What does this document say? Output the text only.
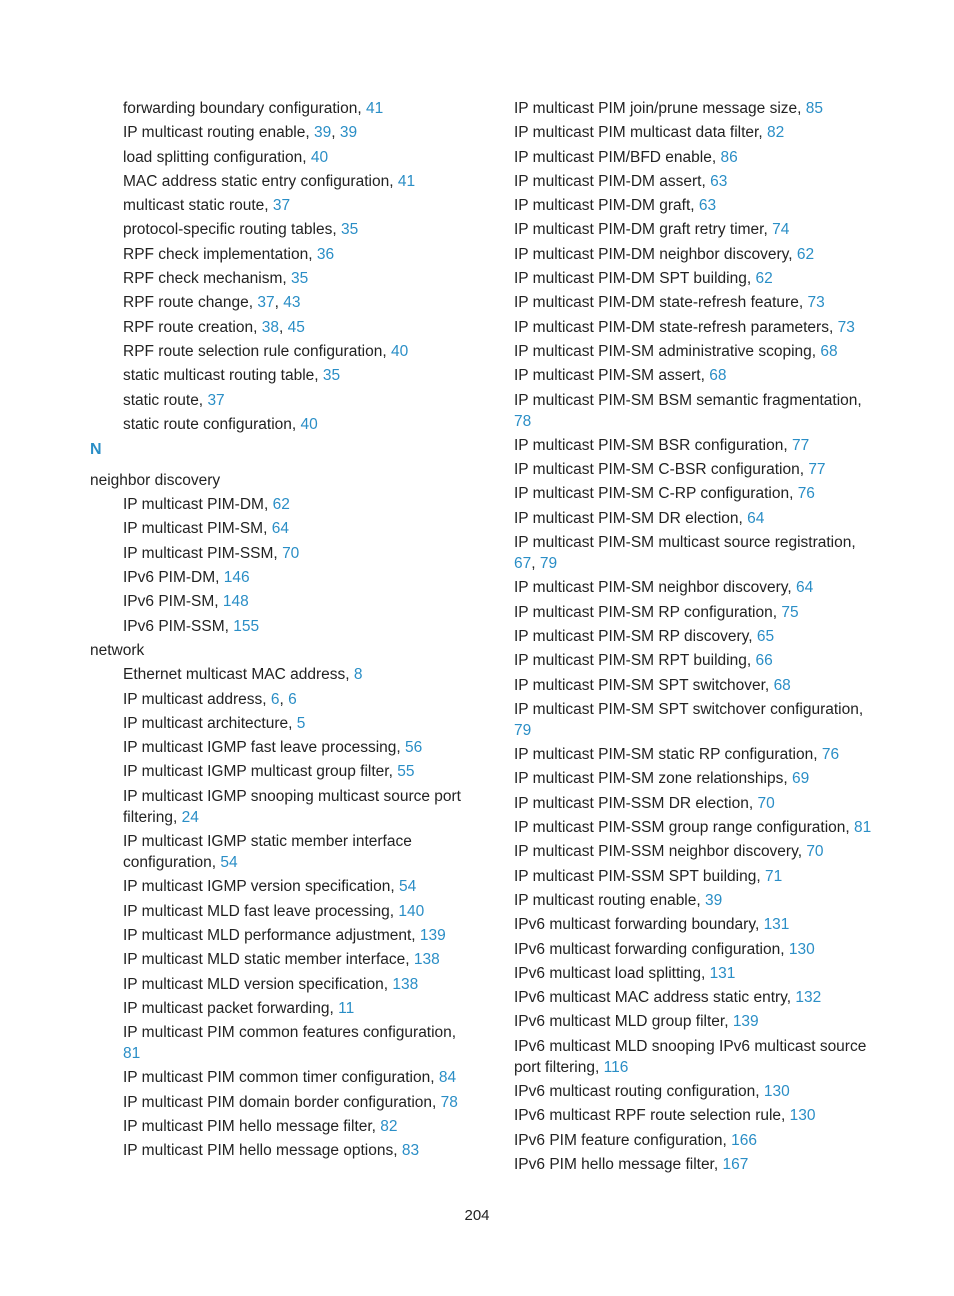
forwarding boundary configuration, 41
IP multicast routing enable, 39, 39
load splitting configuration, 40
MAC address static entry configuration, 41
multicast static route, 37
protocol-specific routing tables, 35
RPF check implementation, 36
RPF check mechanism, 35
RPF route change, 37, 43
RPF route creation, 38, 45
RPF route selection rule configuration, 40
static multicast routing table, 35
static route, 37
static route configuration, 40
N
neighbor discovery
IP multicast PIM-DM, 62
IP multicast PIM-SM, 64
IP multicast PIM-SSM, 70
IPv6 PIM-DM, 146
IPv6 PIM-SM, 148
IPv6 PIM-SSM, 155
network
Ethernet multicast MAC address, 8
IP multicast address, 6, 6
IP multicast architecture, 5
IP multicast IGMP fast leave processing, 56
IP multicast IGMP multicast group filter, 55
IP multicast IGMP snooping multicast source port filtering, 24
IP multicast IGMP static member interface configuration, 54
IP multicast IGMP version specification, 54
IP multicast MLD fast leave processing, 140
IP multicast MLD performance adjustment, 139
IP multicast MLD static member interface, 138
IP multicast MLD version specification, 138
IP multicast packet forwarding, 11
IP multicast PIM common features configuration, 81
IP multicast PIM common timer configuration, 84
IP multicast PIM domain border configuration, 78
IP multicast PIM hello message filter, 82
IP multicast PIM hello message options, 83
IP multicast PIM join/prune message size, 85
IP multicast PIM multicast data filter, 82
IP multicast PIM/BFD enable, 86
IP multicast PIM-DM assert, 63
IP multicast PIM-DM graft, 63
IP multicast PIM-DM graft retry timer, 74
IP multicast PIM-DM neighbor discovery, 62
IP multicast PIM-DM SPT building, 62
IP multicast PIM-DM state-refresh feature, 73
IP multicast PIM-DM state-refresh parameters, 73
IP multicast PIM-SM administrative scoping, 68
IP multicast PIM-SM assert, 68
IP multicast PIM-SM BSM semantic fragmentation, 78
IP multicast PIM-SM BSR configuration, 77
IP multicast PIM-SM C-BSR configuration, 77
IP multicast PIM-SM C-RP configuration, 76
IP multicast PIM-SM DR election, 64
IP multicast PIM-SM multicast source registration, 67, 79
IP multicast PIM-SM neighbor discovery, 64
IP multicast PIM-SM RP configuration, 75
IP multicast PIM-SM RP discovery, 65
IP multicast PIM-SM RPT building, 66
IP multicast PIM-SM SPT switchover, 68
IP multicast PIM-SM SPT switchover configuration, 79
IP multicast PIM-SM static RP configuration, 76
IP multicast PIM-SM zone relationships, 69
IP multicast PIM-SSM DR election, 70
IP multicast PIM-SSM group range configuration, 81
IP multicast PIM-SSM neighbor discovery, 70
IP multicast PIM-SSM SPT building, 71
IP multicast routing enable, 39
IPv6 multicast forwarding boundary, 131
IPv6 multicast forwarding configuration, 130
IPv6 multicast load splitting, 131
IPv6 multicast MAC address static entry, 132
IPv6 multicast MLD group filter, 139
IPv6 multicast MLD snooping IPv6 multicast source port filtering, 116
IPv6 multicast routing configuration, 130
IPv6 multicast RPF route selection rule, 130
IPv6 PIM feature configuration, 166
IPv6 PIM hello message filter, 167
204
